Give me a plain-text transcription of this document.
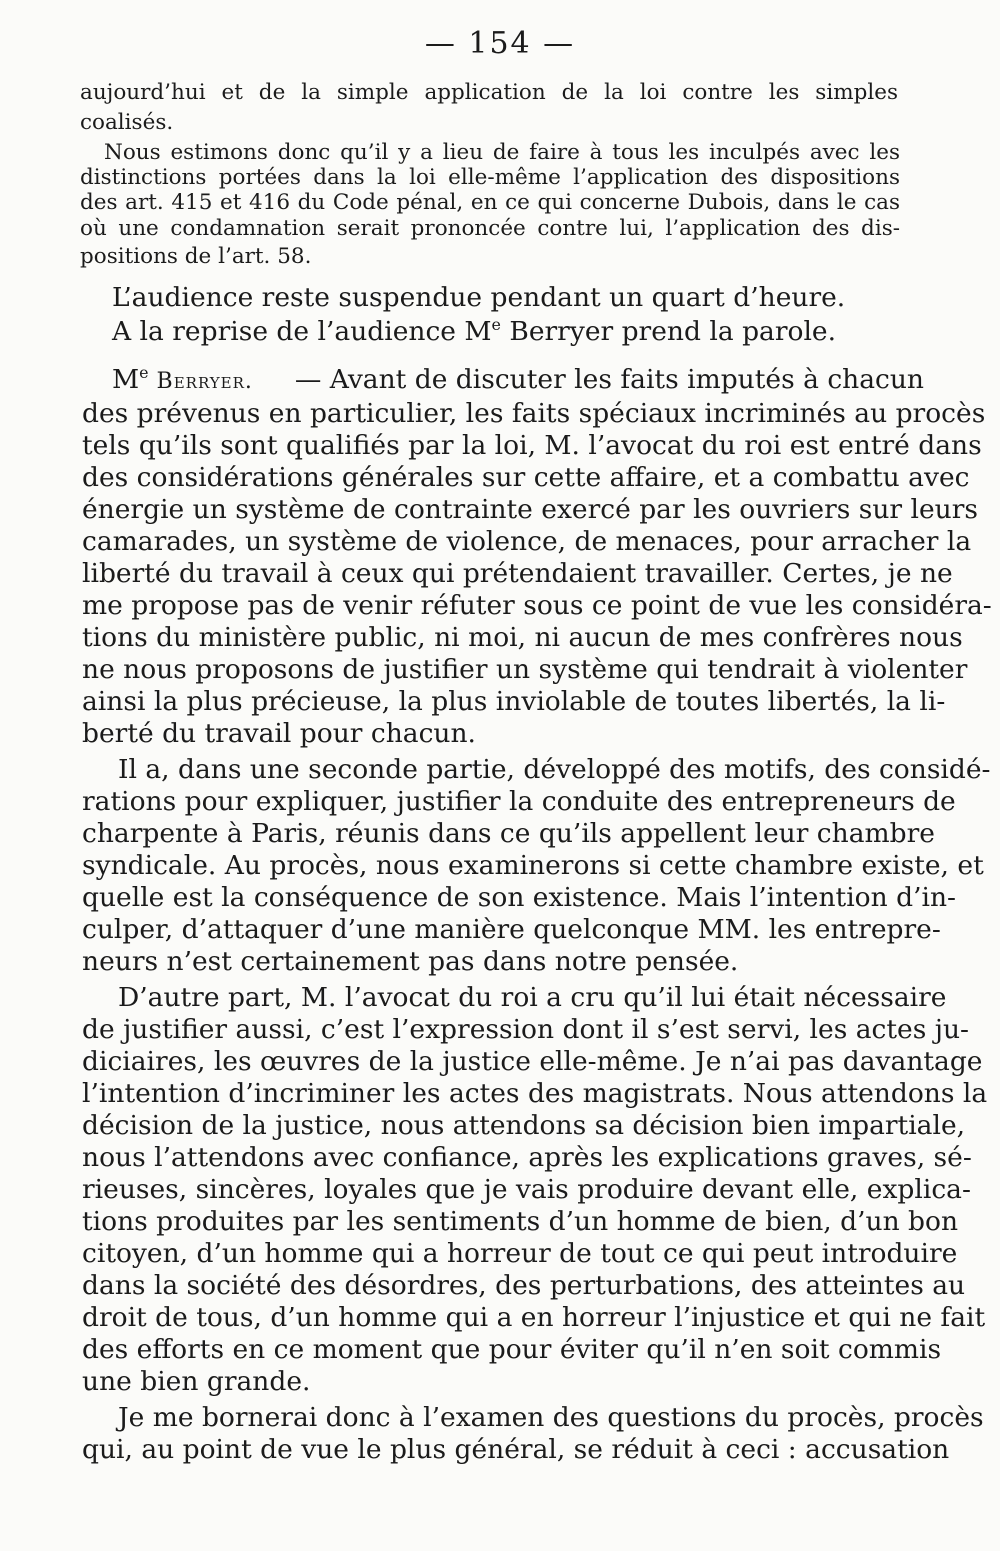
— 154 —
aujourd’hui et de la simple application de la loi contre les simples
coalisés.
Nous estimons donc qu’il y a lieu de faire à tous les inculpés avec les
distinctions portées dans la loi elle-même l’application des dispositions
des art. 415 et 416 du Code pénal, en ce qui concerne Dubois, dans le cas
où une condamnation serait prononcée contre lui, l’application des dis-
positions de l’art. 58.
L’audience reste suspendue pendant un quart d’heure.
A la reprise de l’audience Me Berryer prend la parole.
Me Berryer. — Avant de discuter les faits imputés à chacun
des prévenus en particulier, les faits spéciaux incriminés au procès
tels qu’ils sont qualifiés par la loi, M. l’avocat du roi est entré dans
des considérations générales sur cette affaire, et a combattu avec
énergie un système de contrainte exercé par les ouvriers sur leurs
camarades, un système de violence, de menaces, pour arracher la
liberté du travail à ceux qui prétendaient travailler. Certes, je ne
me propose pas de venir réfuter sous ce point de vue les considéra-
tions du ministère public, ni moi, ni aucun de mes confrères nous
ne nous proposons de justifier un système qui tendrait à violenter
ainsi la plus précieuse, la plus inviolable de toutes libertés, la li-
berté du travail pour chacun.
Il a, dans une seconde partie, développé des motifs, des considé-
rations pour expliquer, justifier la conduite des entrepreneurs de
charpente à Paris, réunis dans ce qu’ils appellent leur chambre
syndicale. Au procès, nous examinerons si cette chambre existe, et
quelle est la conséquence de son existence. Mais l’intention d’in-
culper, d’attaquer d’une manière quelconque MM. les entrepre-
neurs n’est certainement pas dans notre pensée.
D’autre part, M. l’avocat du roi a cru qu’il lui était nécessaire
de justifier aussi, c’est l’expression dont il s’est servi, les actes ju-
diciaires, les œuvres de la justice elle-même. Je n’ai pas davantage
l’intention d’incriminer les actes des magistrats. Nous attendons la
décision de la justice, nous attendons sa décision bien impartiale,
nous l’attendons avec confiance, après les explications graves, sé-
rieuses, sincères, loyales que je vais produire devant elle, explica-
tions produites par les sentiments d’un homme de bien, d’un bon
citoyen, d’un homme qui a horreur de tout ce qui peut introduire
dans la société des désordres, des perturbations, des atteintes au
droit de tous, d’un homme qui a en horreur l’injustice et qui ne fait
des efforts en ce moment que pour éviter qu’il n’en soit commis
une bien grande.
Je me bornerai donc à l’examen des questions du procès, procès
qui, au point de vue le plus général, se réduit à ceci : accusation
